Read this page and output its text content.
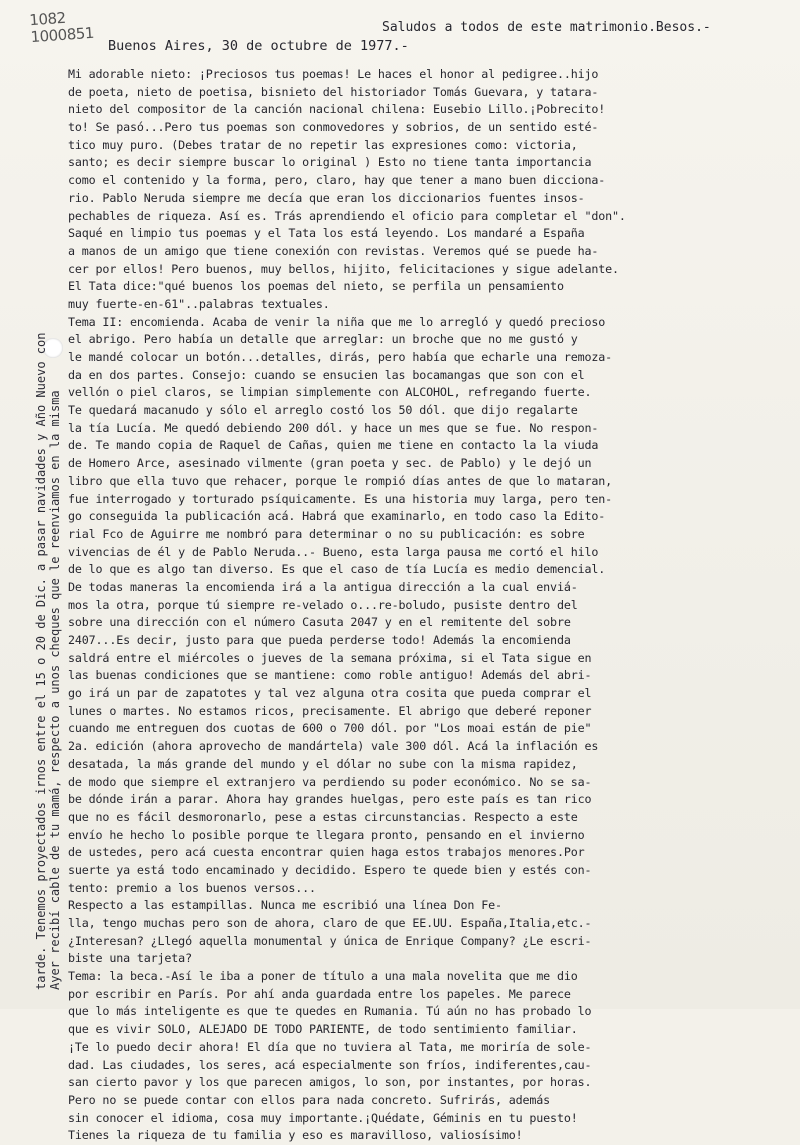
1082
1000851	Saludos a todos de este matrimonio.Besos.-
Buenos Aires, 30 de octubre de 1977.-
tarde. Tenemos proyectados irnos entre el 15 o 20 de Dic. a pasar navidades y Año Nuevo con Ayer recibí cable de tu mamá, respecto a unos cheques que le reenviamos en la misma
Mi adorable nieto: ¡Preciosos tus poemas! Le haces el honor al pedigree..hijo
de poeta, nieto de poetisa, bisnieto del historiador Tomás Guevara, y tatara-
nieto del compositor de la canción nacional chilena: Eusebio Lillo.¡Pobrecito!
to! Se pasó...Pero tus poemas son conmovedores y sobrios, de un sentido esté-
tico muy puro. (Debes tratar de no repetir las expresiones como: victoria,
santo; es decir siempre buscar lo original ) Esto no tiene tanta importancia
como el contenido y la forma, pero, claro, hay que tener a mano buen dicciona-
rio. Pablo Neruda siempre me decía que eran los diccionarios fuentes insos-
pechables de riqueza. Así es. Trás aprendiendo el oficio para completar el "don".
Saqué en limpio tus poemas y el Tata los está leyendo. Los mandaré a España
a manos de un amigo que tiene conexión con revistas. Veremos qué se puede ha-
cer por ellos! Pero buenos, muy bellos, hijito, felicitaciones y sigue adelante.
El Tata dice:"qué buenos los poemas del nieto, se perfila un pensamiento
muy fuerte-en-61"..palabras textuales.
Tema II: encomienda. Acaba de venir la niña que me lo arregló y quedó precioso
el abrigo. Pero había un detalle que arreglar: un broche que no me gustó y
le mandé colocar un botón...detalles, dirás, pero había que echarle una remoza-
da en dos partes. Consejo: cuando se ensucien las bocamangas que son con el
vellón o piel claros, se limpian simplemente con ALCOHOL, refregando fuerte.
Te quedará macanudo y sólo el arreglo costó los 50 dól. que dijo regalarte
la tía Lucía. Me quedó debiendo 200 dól. y hace un mes que se fue. No respon-
de. Te mando copia de Raquel de Cañas, quien me tiene en contacto la la viuda
de Homero Arce, asesinado vilmente (gran poeta y sec. de Pablo) y le dejó un
libro que ella tuvo que rehacer, porque le rompió días antes de que lo mataran,
fue interrogado y torturado psíquicamente. Es una historia muy larga, pero ten-
go conseguida la publicación acá. Habrá que examinarlo, en todo caso la Edito-
rial Fco de Aguirre me nombró para determinar o no su publicación: es sobre
vivencias de él y de Pablo Neruda..- Bueno, esta larga pausa me cortó el hilo
de lo que es algo tan diverso. Es que el caso de tía Lucía es medio demencial.
De todas maneras la encomienda irá a la antigua dirección a la cual enviá-
mos la otra, porque tú siempre re-velado o...re-boludo, pusiste dentro del
sobre una dirección con el número Casuta 2047 y en el remitente del sobre
2407...Es decir, justo para que pueda perderse todo! Además la encomienda
saldrá entre el miércoles o jueves de la semana próxima, si el Tata sigue en
las buenas condiciones que se mantiene: como roble antiguo! Además del abri-
go irá un par de zapatotes y tal vez alguna otra cosita que pueda comprar el
lunes o martes. No estamos ricos, precisamente. El abrigo que deberé reponer
cuando me entreguen dos cuotas de 600 o 700 dól. por "Los moai están de pie"
2a. edición (ahora aprovecho de mandártela) vale 300 dól. Acá la inflación es
desatada, la más grande del mundo y el dólar no sube con la misma rapidez,
de modo que siempre el extranjero va perdiendo su poder económico. No se sa-
be dónde irán a parar. Ahora hay grandes huelgas, pero este país es tan rico
que no es fácil desmoronarlo, pese a estas circunstancias. Respecto a este
envío he hecho lo posible porque te llegara pronto, pensando en el invierno
de ustedes, pero acá cuesta encontrar quien haga estos trabajos menores.Por
suerte ya está todo encaminado y decidido. Espero te quede bien y estés con-
tento: premio a los buenos versos...
Respecto a las estampillas. Nunca me escribió una línea Don Fe-
lla, tengo muchas pero son de ahora, claro de que EE.UU. España,Italia,etc.-
¿Interesan? ¿Llegó aquella monumental y única de Enrique Company? ¿Le escri-
biste una tarjeta?
Tema: la beca.-Así le iba a poner de título a una mala novelita que me dio
por escribir en París. Por ahí anda guardada entre los papeles. Me parece
que lo más inteligente es que te quedes en Rumania. Tú aún no has probado lo
que es vivir SOLO, ALEJADO DE TODO PARIENTE, de todo sentimiento familiar.
¡Te lo puedo decir ahora! El día que no tuviera al Tata, me moriría de sole-
dad. Las ciudades, los seres, acá especialmente son fríos, indiferentes,cau-
san cierto pavor y los que parecen amigos, lo son, por instantes, por horas.
Pero no se puede contar con ellos para nada concreto. Sufrirás, además
sin conocer el idioma, cosa muy importante.¡Quédate, Géminis en tu puesto!
Tienes la riqueza de tu familia y eso es maravilloso, valiosísimo!
